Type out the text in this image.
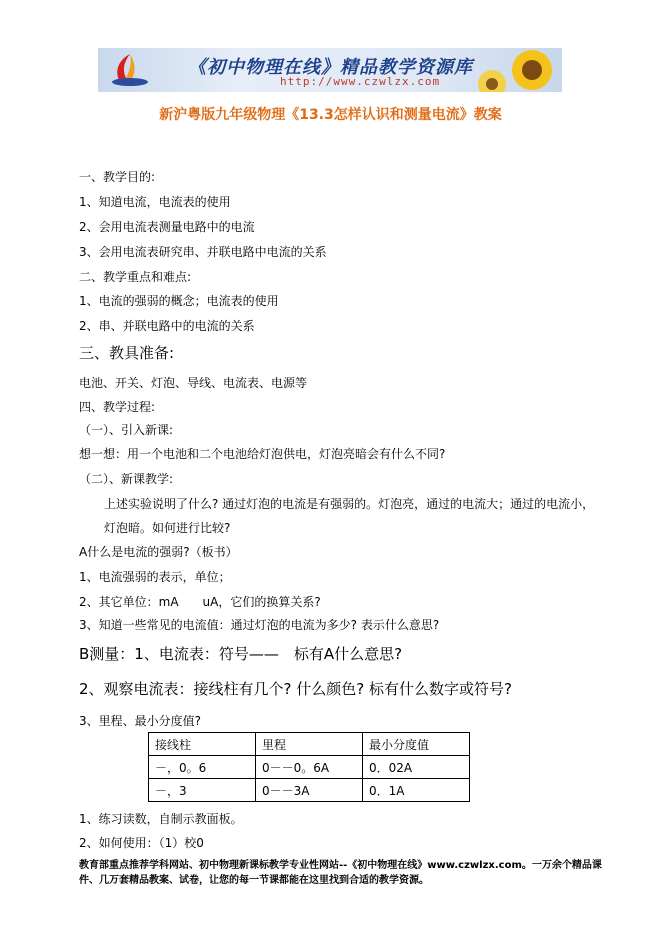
《初中物理在线》精品教学资源库
http://www.czwlzx.com
新沪粤版九年级物理《13.3怎样认识和测量电流》教案
一、教学目的:
1、知道电流，电流表的使用
2、会用电流表测量电路中的电流
3、会用电流表研究串、并联电路中电流的关系
二、教学重点和难点:
1、电流的强弱的概念；电流表的使用
2、串、并联电路中的电流的关系
三、教具准备:
电池、开关、灯泡、导线、电流表、电源等
四、教学过程:
（一）、引入新课:
想一想：用一个电池和二个电池给灯泡供电，灯泡亮暗会有什么不同?
（二）、新课教学:
上述实验说明了什么? 通过灯泡的电流是有强弱的。灯泡亮，通过的电流大；通过的电流小，
灯泡暗。如何进行比较?
A什么是电流的强弱?（板书）
1、电流强弱的表示，单位；
2、其它单位：mA　　uA，它们的换算关系?
3、知道一些常见的电流值：通过灯泡的电流为多少? 表示什么意思?
B测量：1、电流表：符号——　标有A什么意思?
2、观察电流表：接线柱有几个? 什么颜色? 标有什么数字或符号?
3、里程、最小分度值?
接线柱	里程	最小分度值
－，0。6	0－－0。6A	0．02A
－，3	0－－3A	0．1A
1、练习读数，自制示教面板。
2、如何使用：（1）校0
教育部重点推荐学科网站、初中物理新课标教学专业性网站--《初中物理在线》www.czwlzx.com。一万余个精品课件、几万套精品教案、试卷，让您的每一节课都能在这里找到合适的教学资源。
